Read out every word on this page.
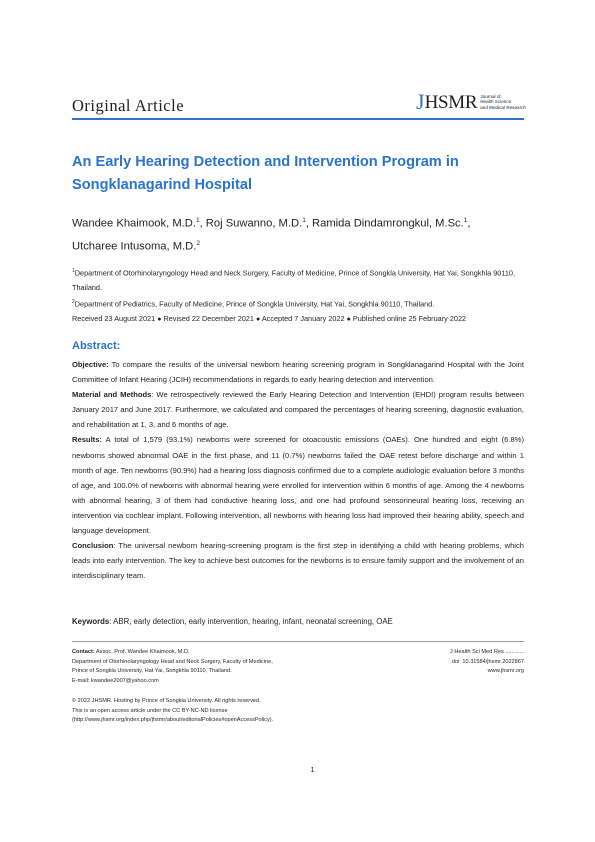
Original Article	J HSMR Journal of
Health Science
and Medical Research
An Early Hearing Detection and Intervention Program in
Songklanagarind Hospital
Wandee Khaimook, M.D.$^1$, Roj Suwanno, M.D.$^1$, Ramida Dindamrongkul, M.Sc.$^1$,
Utcharee Intusoma, M.D.$^2$
$^1$Department of Otorhinolaryngology Head and Neck Surgery, Faculty of Medicine, Prince of Songkla University, Hat Yai, Songkhla 90110, Thailand.
$^2$Department of Pediatrics, Faculty of Medicine, Prince of Songkla University, Hat Yai, Songkhla 90110, Thailand.
Received 23 August 2021 ● Revised 22 December 2021 ● Accepted 7 January 2022 ● Published online 25 February 2022
Abstract:

Objective: To compare the results of the universal newborn hearing screening program in Songklanagarind Hospital with the Joint Committee of Infant Hearing (JCIH) recommendations in regards to early hearing detection and intervention.

Material and Methods: We retrospectively reviewed the Early Hearing Detection and Intervention (EHDI) program results between January 2017 and June 2017. Furthermore, we calculated and compared the percentages of hearing screening, diagnostic evaluation, and rehabilitation at 1, 3, and 6 months of age.

Results: A total of 1,579 (93.1%) newborns were screened for otoacoustic emissions (OAEs). One hundred and eight (6.8%) newborns showed abnormal OAE in the first phase, and 11 (0.7%) newborns failed the OAE retest before discharge and within 1 month of age. Ten newborns (90.9%) had a hearing loss diagnosis confirmed due to a complete audiologic evaluation before 3 months of age, and 100.0% of newborns with abnormal hearing were enrolled for intervention within 6 months of age. Among the 4 newborns with abnormal hearing, 3 of them had conductive hearing loss, and one had profound sensorineural hearing loss, receiving an intervention via cochlear implant. Following intervention, all newborns with hearing loss had improved their hearing ability, speech and language development.

Conclusion: The universal newborn hearing-screening program is the first step in identifying a child with hearing problems, which leads into early intervention. The key to achieve best outcomes for the newborns is to ensure family support and the involvement of an interdisciplinary team.

Keywords: ABR, early detection, early intervention, hearing, infant, neonatal screening, OAE
Contact: Assoc. Prof. Wandee Khaimook, M.D.
Department of Otorhinolaryngology Head and Neck Surgery, Faculty of Medicine,
Prince of Songkla University, Hat Yai, Songkhla 90110, Thailand.
E-mail: kwandee2007@yahoo.com
J Health Sci Med Res ............
doi: 10.31584/jhsmr.2022867
www.jhsmr.org
© 2022 JHSMR. Hosting by Prince of Songkla University. All rights reserved.
This is an open access article under the CC BY-NC-ND license
(http://www.jhsmr.org/index.php/jhsmr/about/editorialPolicies#openAccessPolicy).
1
